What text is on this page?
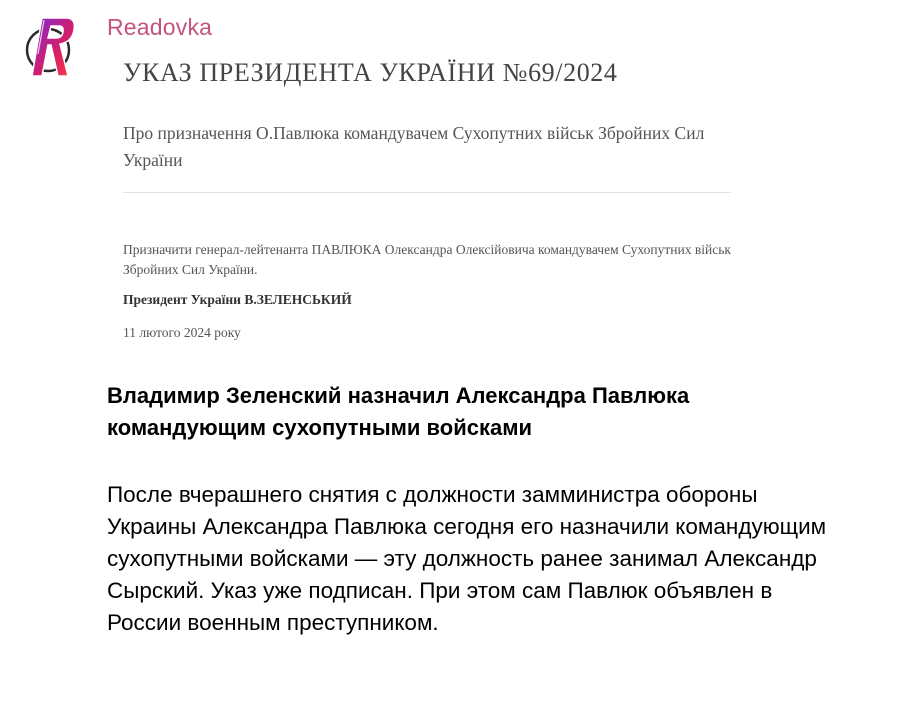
Readovka
УКАЗ ПРЕЗИДЕНТА УКРАЇНИ №69/2024
Про призначення О.Павлюка командувачем Сухопутних військ Збройних Сил України
Призначити генерал-лейтенанта ПАВЛЮКА Олександра Олексійовича командувачем Сухопутних військ Збройних Сил України.
Президент України В.ЗЕЛЕНСЬКИЙ
11 лютого 2024 року
Владимир Зеленский назначил Александра Павлюка командующим сухопутными войсками
После вчерашнего снятия с должности замминистра обороны Украины Александра Павлюка сегодня его назначили командующим сухопутными войсками — эту должность ранее занимал Александр Сырский. Указ уже подписан. При этом сам Павлюк объявлен в России военным преступником.
